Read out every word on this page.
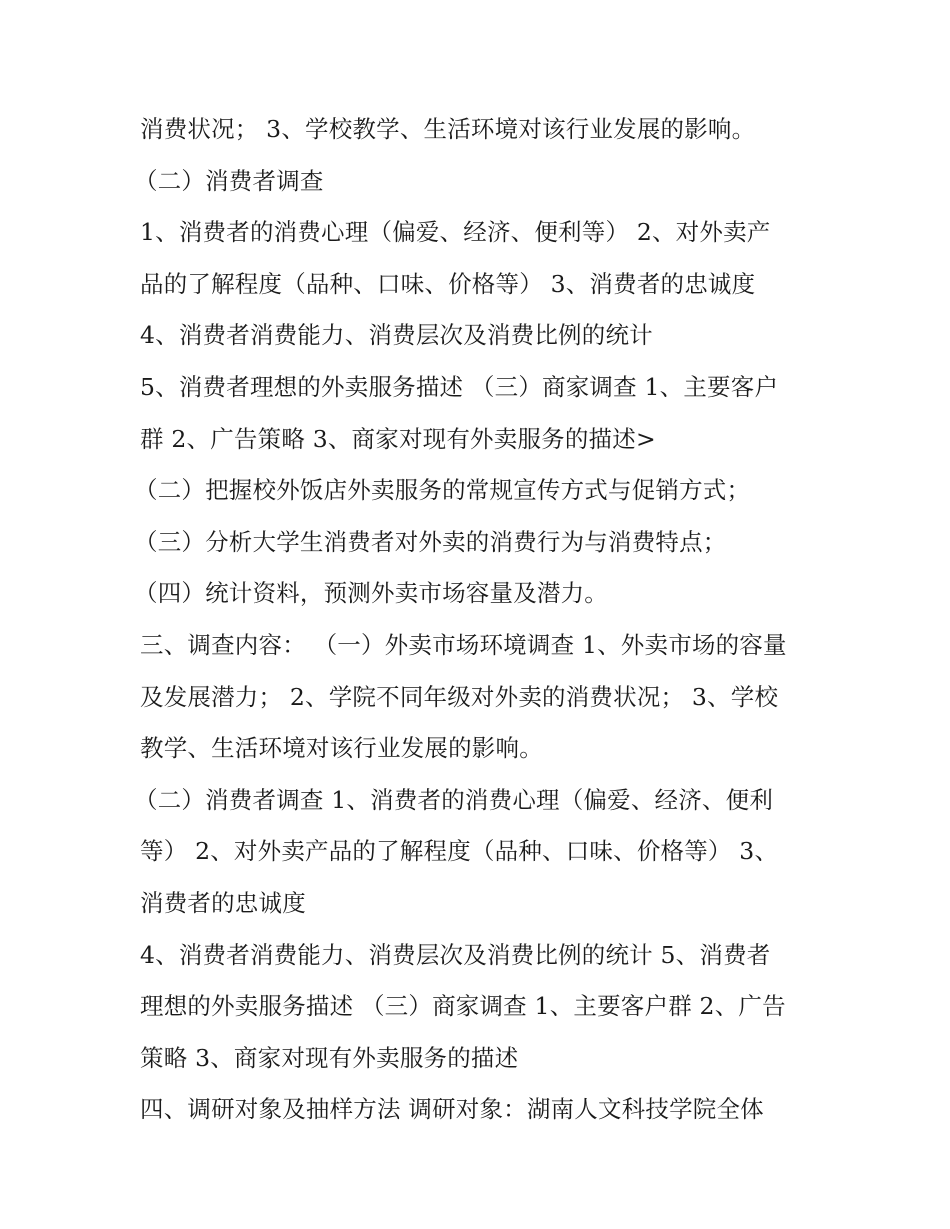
消费状况； 3、学校教学、生活环境对该行业发展的影响。
（二）消费者调查
1、消费者的消费心理（偏爱、经济、便利等） 2、对外卖产
品的了解程度（品种、口味、价格等） 3、消费者的忠诚度
4、消费者消费能力、消费层次及消费比例的统计
5、消费者理想的外卖服务描述 （三）商家调查 1、主要客户
群 2、广告策略 3、商家对现有外卖服务的描述>
（二）把握校外饭店外卖服务的常规宣传方式与促销方式；
（三）分析大学生消费者对外卖的消费行为与消费特点；
（四）统计资料，预测外卖市场容量及潜力。
三、调查内容： （一）外卖市场环境调查 1、外卖市场的容量
及发展潜力； 2、学院不同年级对外卖的消费状况； 3、学校
教学、生活环境对该行业发展的影响。
（二）消费者调查 1、消费者的消费心理（偏爱、经济、便利
等） 2、对外卖产品的了解程度（品种、口味、价格等） 3、
消费者的忠诚度
4、消费者消费能力、消费层次及消费比例的统计 5、消费者
理想的外卖服务描述 （三）商家调查 1、主要客户群 2、广告
策略 3、商家对现有外卖服务的描述
四、调研对象及抽样方法 调研对象：湖南人文科技学院全体
